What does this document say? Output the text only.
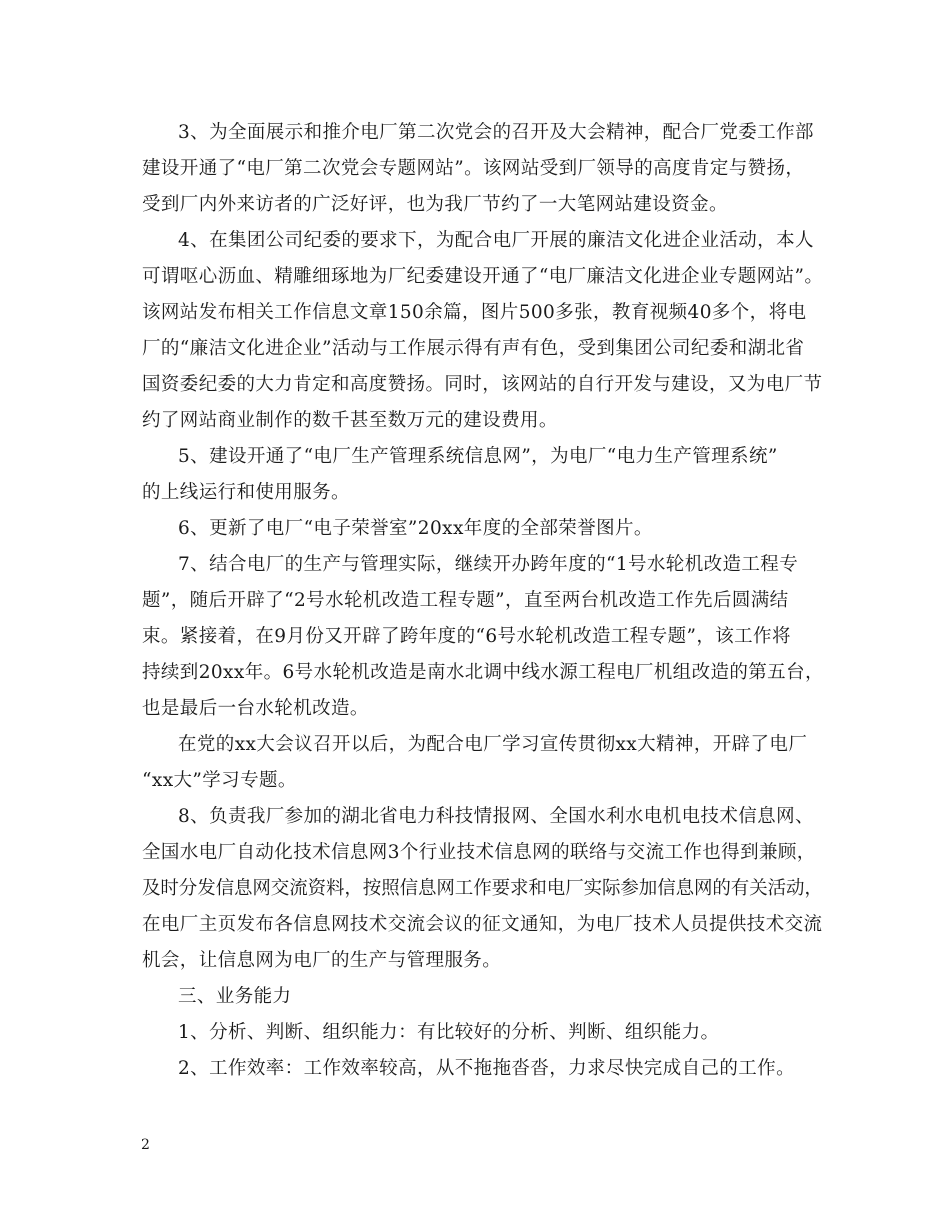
3、为全面展示和推介电厂第二次党会的召开及大会精神，配合厂党委工作部
建设开通了“电厂第二次党会专题网站”。该网站受到厂领导的高度肯定与赞扬，
受到厂内外来访者的广泛好评，也为我厂节约了一大笔网站建设资金。
4、在集团公司纪委的要求下，为配合电厂开展的廉洁文化进企业活动，本人
可谓呕心沥血、精雕细琢地为厂纪委建设开通了“电厂廉洁文化进企业专题网站”。
该网站发布相关工作信息文章150余篇，图片500多张，教育视频40多个，将电
厂的“廉洁文化进企业”活动与工作展示得有声有色，受到集团公司纪委和湖北省
国资委纪委的大力肯定和高度赞扬。同时，该网站的自行开发与建设，又为电厂节
约了网站商业制作的数千甚至数万元的建设费用。
5、建设开通了“电厂生产管理系统信息网”，为电厂“电力生产管理系统”
的上线运行和使用服务。
6、更新了电厂“电子荣誉室”20xx年度的全部荣誉图片。
7、结合电厂的生产与管理实际，继续开办跨年度的“1号水轮机改造工程专
题”，随后开辟了“2号水轮机改造工程专题”，直至两台机改造工作先后圆满结
束。紧接着，在9月份又开辟了跨年度的“6号水轮机改造工程专题”，该工作将
持续到20xx年。6号水轮机改造是南水北调中线水源工程电厂机组改造的第五台，
也是最后一台水轮机改造。
在党的xx大会议召开以后，为配合电厂学习宣传贯彻xx大精神，开辟了电厂
“xx大”学习专题。
8、负责我厂参加的湖北省电力科技情报网、全国水利水电机电技术信息网、
全国水电厂自动化技术信息网3个行业技术信息网的联络与交流工作也得到兼顾，
及时分发信息网交流资料，按照信息网工作要求和电厂实际参加信息网的有关活动，
在电厂主页发布各信息网技术交流会议的征文通知，为电厂技术人员提供技术交流
机会，让信息网为电厂的生产与管理服务。
三、业务能力
1、分析、判断、组织能力：有比较好的分析、判断、组织能力。
2、工作效率：工作效率较高，从不拖拖沓沓，力求尽快完成自己的工作。
2
